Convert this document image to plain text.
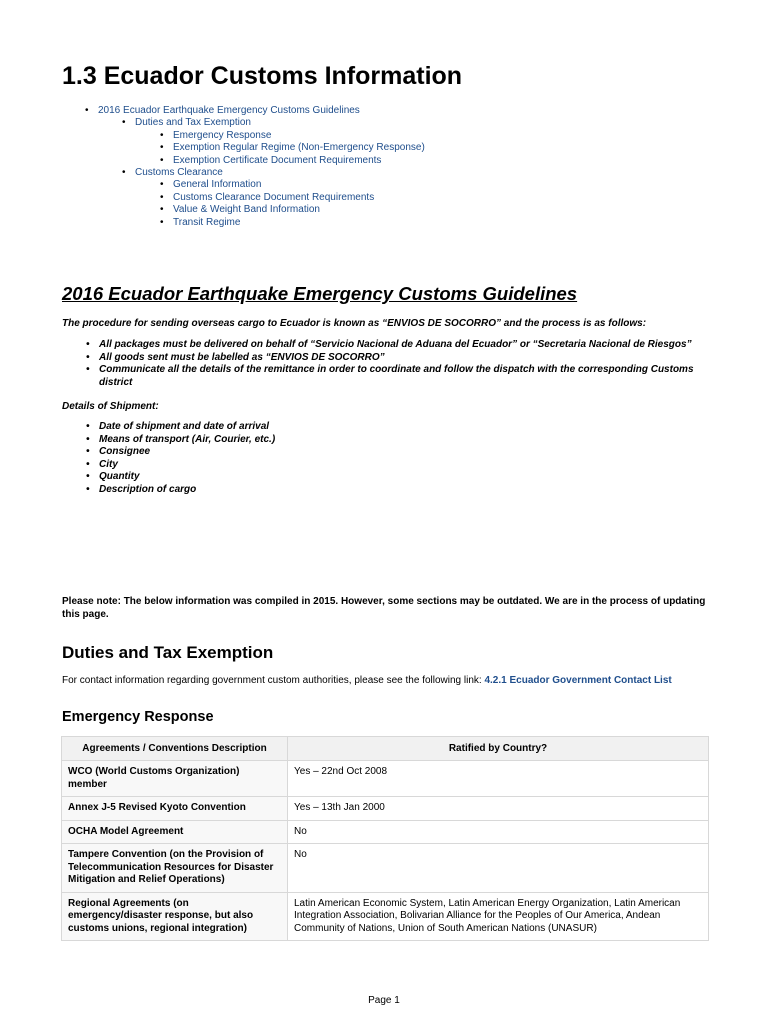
1.3 Ecuador Customs Information
• 2016 Ecuador Earthquake Emergency Customs Guidelines
• Duties and Tax Exemption
• Emergency Response
• Exemption Regular Regime (Non-Emergency Response)
• Exemption Certificate Document Requirements
• Customs Clearance
• General Information
• Customs Clearance Document Requirements
• Value & Weight Band Information
• Transit Regime
2016 Ecuador Earthquake Emergency Customs Guidelines

The procedure for sending overseas cargo to Ecuador is known as “ENVIOS DE SOCORRO” and the process is as follows:

• All packages must be delivered on behalf of “Servicio Nacional de Aduana del Ecuador” or “Secretaria Nacional de Riesgos”
• All goods sent must be labelled as “ENVIOS DE SOCORRO”
• Communicate all the details of the remittance in order to coordinate and follow the dispatch with the corresponding Customs district

Details of Shipment:

• Date of shipment and date of arrival
• Means of transport (Air, Courier, etc.)
• Consignee
• City
• Quantity
• Description of cargo

Please note: The below information was compiled in 2015. However, some sections may be outdated. We are in the process of updating this page.

Duties and Tax Exemption

For contact information regarding government custom authorities, please see the following link: 4.2.1 Ecuador Government Contact List

Emergency Response
Agreements / Conventions Description	Ratified by Country?
WCO (World Customs Organization) member	Yes – 22nd Oct 2008
Annex J-5 Revised Kyoto Convention	Yes – 13th Jan 2000
OCHA Model Agreement	No
Tampere Convention (on the Provision of Telecommunication Resources for Disaster Mitigation and Relief Operations)	No
Regional Agreements (on emergency/disaster response, but also customs unions, regional integration)	Latin American Economic System, Latin American Energy Organization, Latin American Integration Association, Bolivarian Alliance for the Peoples of Our America, Andean Community of Nations, Union of South American Nations (UNASUR)
Page 1
